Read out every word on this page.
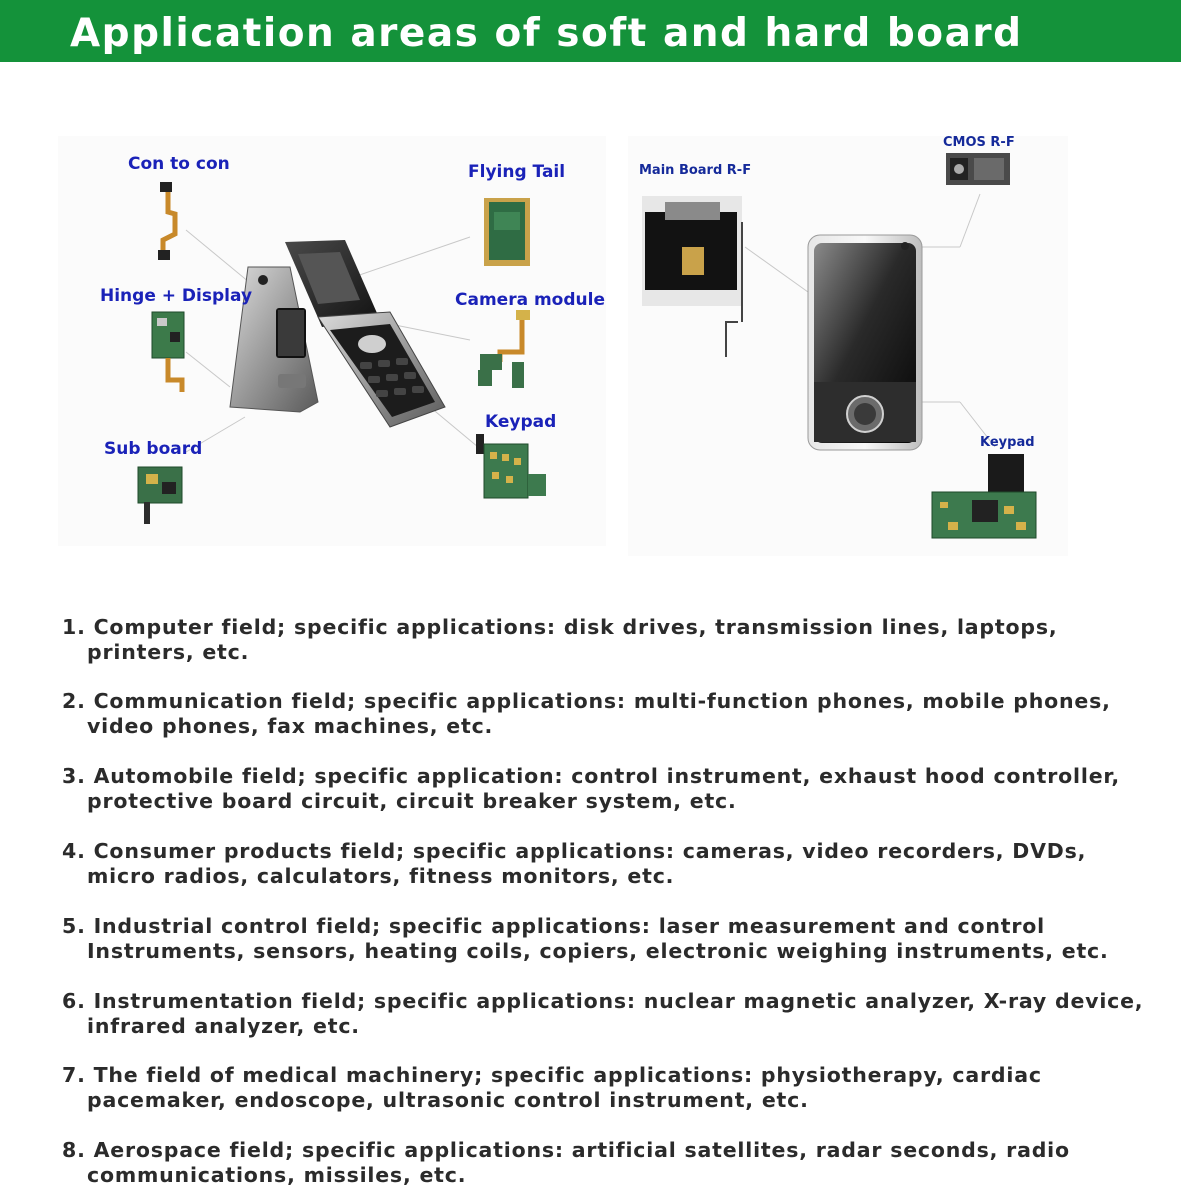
Application areas of soft and hard board
Con to con
Hinge + Display
Sub board
Flying Tail
Camera module
Keypad
Main Board R-F
CMOS R-F
Keypad
1. Computer field; specific applications: disk drives, transmission lines, laptops,
printers, etc.
2. Communication field; specific applications: multi-function phones, mobile phones,
video phones, fax machines, etc.
3. Automobile field; specific application: control instrument, exhaust hood controller,
protective board circuit, circuit breaker system, etc.
4. Consumer products field; specific applications: cameras, video recorders, DVDs,
micro radios, calculators, fitness monitors, etc.
5. Industrial control field; specific applications: laser measurement and control
Instruments, sensors, heating coils, copiers, electronic weighing instruments, etc.
6. Instrumentation field; specific applications: nuclear magnetic analyzer, X-ray device,
infrared analyzer, etc.
7. The field of medical machinery; specific applications: physiotherapy, cardiac
pacemaker, endoscope, ultrasonic control instrument, etc.
8. Aerospace field; specific applications: artificial satellites, radar seconds, radio
communications, missiles, etc.
